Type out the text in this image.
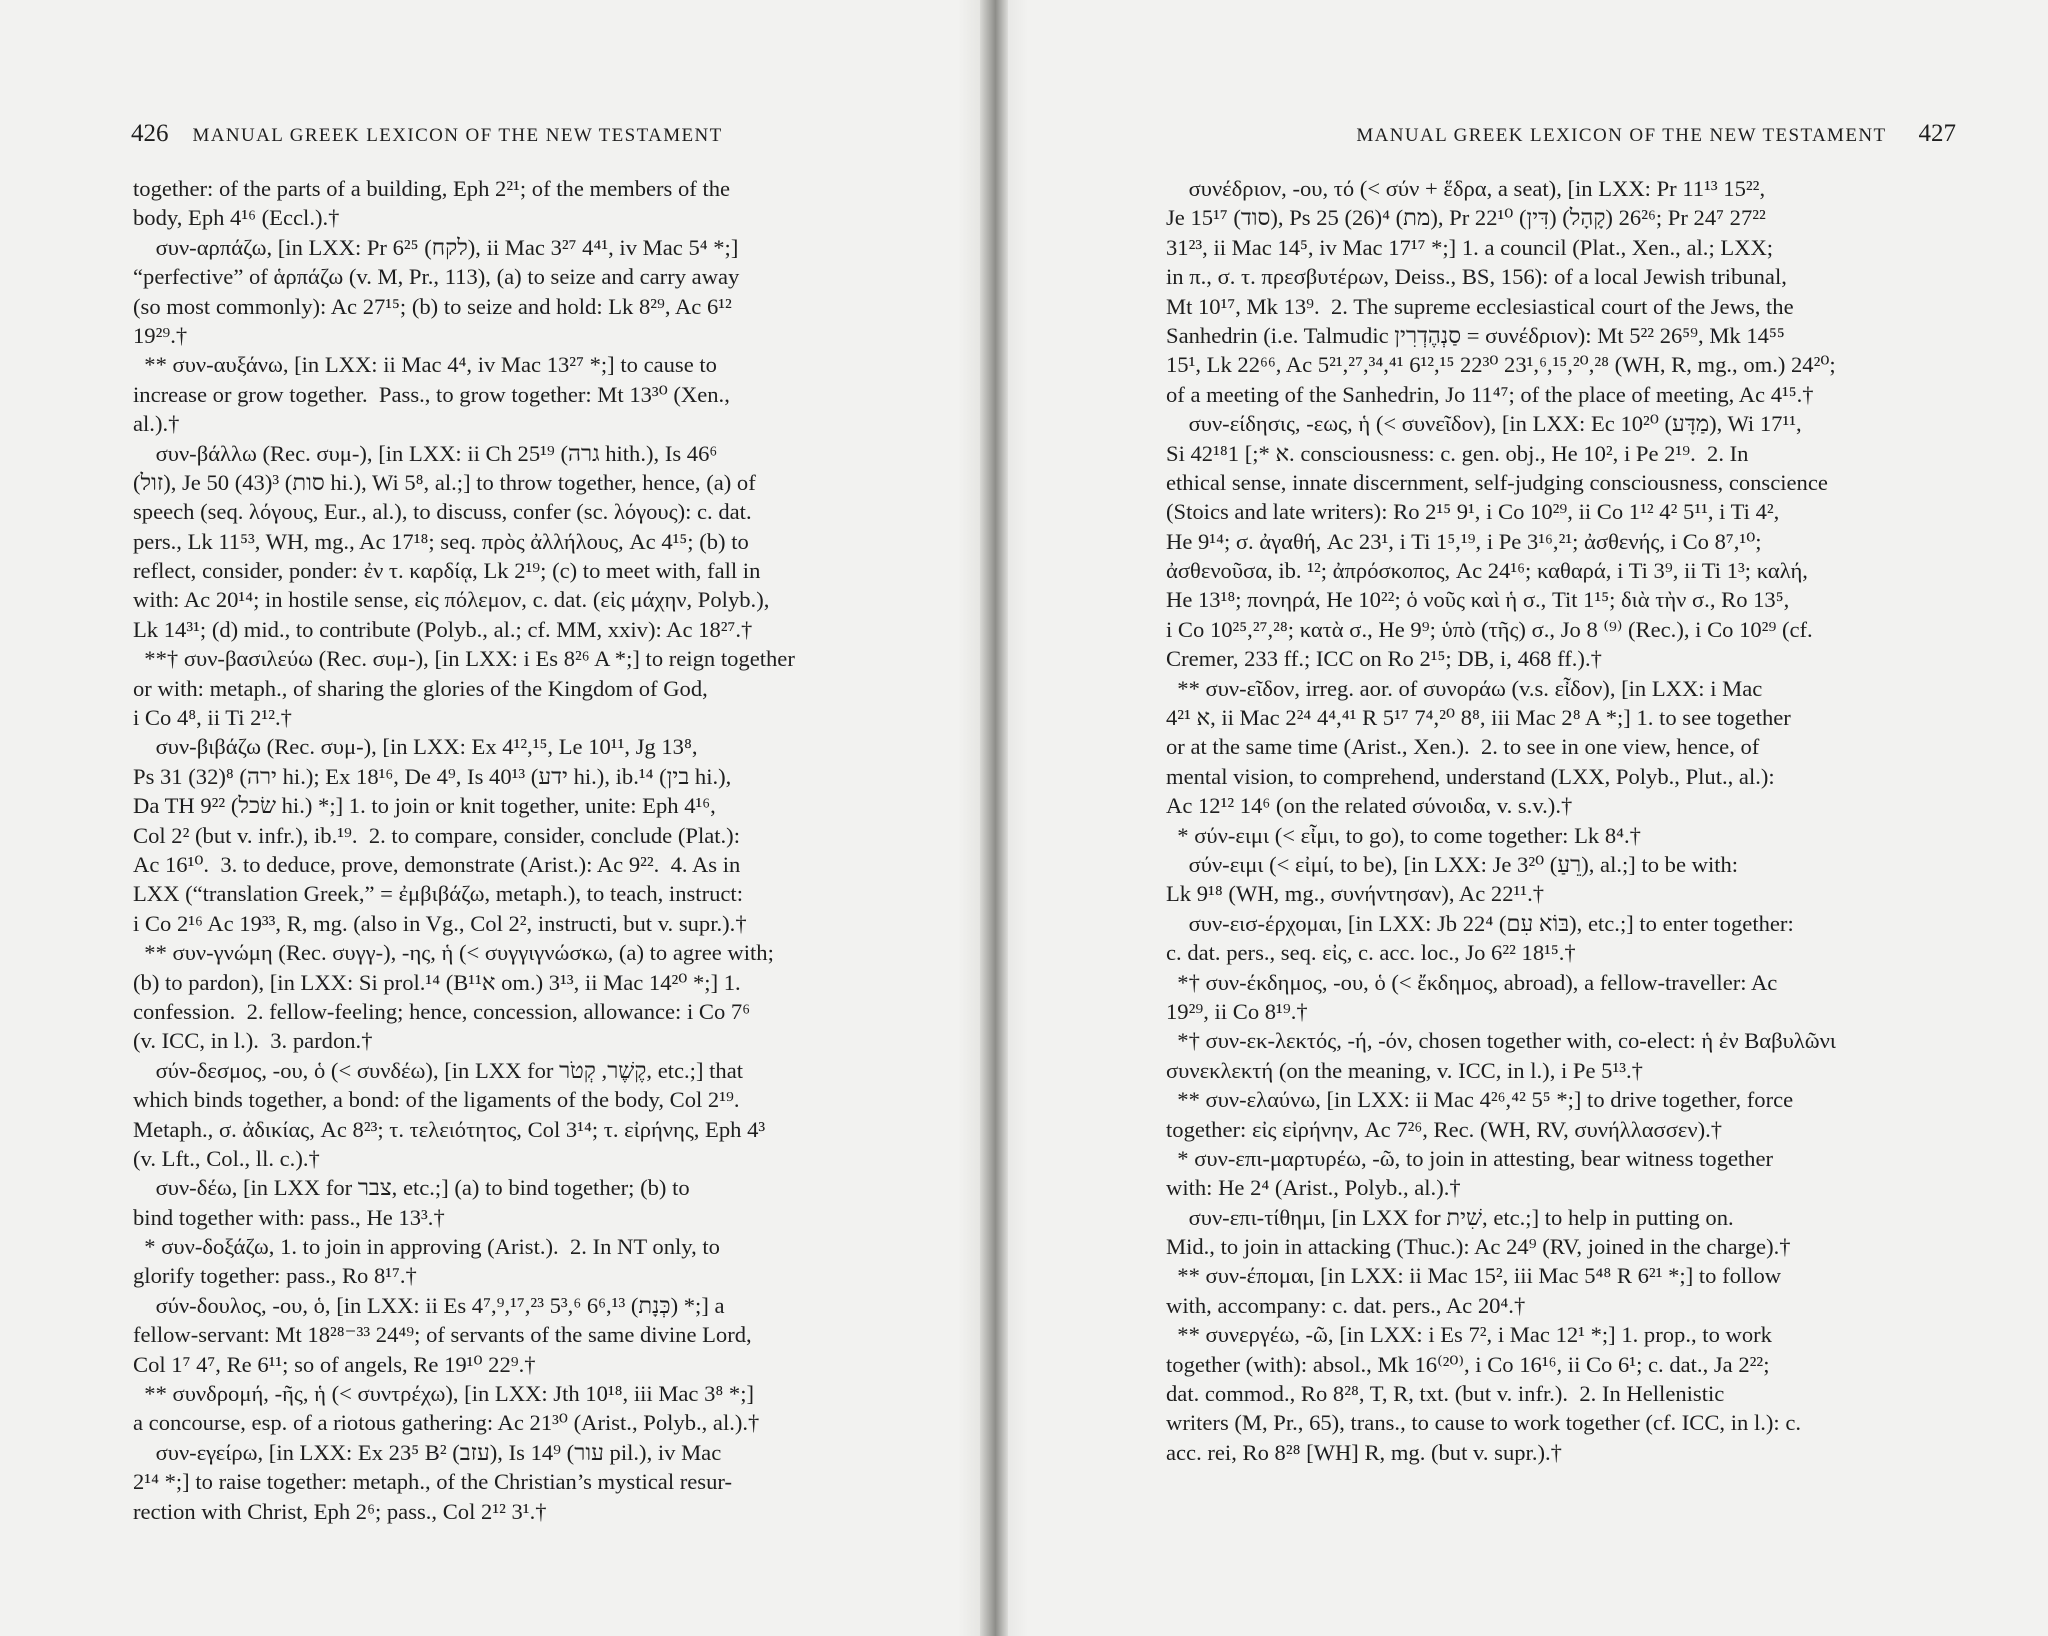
426 MANUAL GREEK LEXICON OF THE NEW TESTAMENT
together: of the parts of a building, Eph 2²¹; of the members of the
body, Eph 4¹⁶ (Eccl.).†
συν-αρπάζω, [in LXX: Pr 6²⁵ (לקח), ii Mac 3²⁷ 4⁴¹, iv Mac 5⁴ *;]
“perfective” of ἁρπάζω (v. M, Pr., 113), (a) to seize and carry away
(so most commonly): Ac 27¹⁵; (b) to seize and hold: Lk 8²⁹, Ac 6¹²
19²⁹.†
** συν-αυξάνω, [in LXX: ii Mac 4⁴, iv Mac 13²⁷ *;] to cause to
increase or grow together.  Pass., to grow together: Mt 13³⁰ (Xen.,
al.).†
συν-βάλλω (Rec. συμ-), [in LXX: ii Ch 25¹⁹ (גרה hith.), Is 46⁶
(זול), Je 50 (43)³ (סות hi.), Wi 5⁸, al.;] to throw together, hence, (a) of
speech (seq. λόγους, Eur., al.), to discuss, confer (sc. λόγους): c. dat.
pers., Lk 11⁵³, WH, mg., Ac 17¹⁸; seq. πρὸς ἀλλήλους, Ac 4¹⁵; (b) to
reflect, consider, ponder: ἐν τ. καρδίᾳ, Lk 2¹⁹; (c) to meet with, fall in
with: Ac 20¹⁴; in hostile sense, εἰς πόλεμον, c. dat. (εἰς μάχην, Polyb.),
Lk 14³¹; (d) mid., to contribute (Polyb., al.; cf. MM, xxiv): Ac 18²⁷.†
**† συν-βασιλεύω (Rec. συμ-), [in LXX: i Es 8²⁶ A *;] to reign together
or with: metaph., of sharing the glories of the Kingdom of God,
i Co 4⁸, ii Ti 2¹².†
συν-βιβάζω (Rec. συμ-), [in LXX: Ex 4¹²,¹⁵, Le 10¹¹, Jg 13⁸,
Ps 31 (32)⁸ (ירה hi.); Ex 18¹⁶, De 4⁹, Is 40¹³ (ידע hi.), ib.¹⁴ (בין hi.),
Da TH 9²² (שׂכל hi.) *;] 1. to join or knit together, unite: Eph 4¹⁶,
Col 2² (but v. infr.), ib.¹⁹.  2. to compare, consider, conclude (Plat.):
Ac 16¹⁰.  3. to deduce, prove, demonstrate (Arist.): Ac 9²².  4. As in
LXX (“translation Greek,” = ἐμβιβάζω, metaph.), to teach, instruct:
i Co 2¹⁶ Ac 19³³, R, mg. (also in Vg., Col 2², instructi, but v. supr.).†
** συν-γνώμη (Rec. συγγ-), -ης, ἡ (< συγγιγνώσκω, (a) to agree with;
(b) to pardon), [in LXX: Si prol.¹⁴ (B¹א¹ om.) 3¹³, ii Mac 14²⁰ *;] 1.
confession.  2. fellow-feeling; hence, concession, allowance: i Co 7⁶
(v. ICC, in l.).  3. pardon.†
σύν-δεσμος, -ου, ὁ (< συνδέω), [in LXX for קֶשֶׁר, קְטֹר, etc.;] that
which binds together, a bond: of the ligaments of the body, Col 2¹⁹.
Metaph., σ. ἀδικίας, Ac 8²³; τ. τελειότητος, Col 3¹⁴; τ. εἰρήνης, Eph 4³
(v. Lft., Col., ll. c.).†
συν-δέω, [in LXX for צבר, etc.;] (a) to bind together; (b) to
bind together with: pass., He 13³.†
* συν-δοξάζω, 1. to join in approving (Arist.).  2. In NT only, to
glorify together: pass., Ro 8¹⁷.†
σύν-δουλος, -ου, ὁ, [in LXX: ii Es 4⁷,⁹,¹⁷,²³ 5³,⁶ 6⁶,¹³ (כְּנָת) *;] a
fellow-servant: Mt 18²⁸⁻³³ 24⁴⁹; of servants of the same divine Lord,
Col 1⁷ 4⁷, Re 6¹¹; so of angels, Re 19¹⁰ 22⁹.†
** συνδρομή, -ῆς, ἡ (< συντρέχω), [in LXX: Jth 10¹⁸, iii Mac 3⁸ *;]
a concourse, esp. of a riotous gathering: Ac 21³⁰ (Arist., Polyb., al.).†
συν-εγείρω, [in LXX: Ex 23⁵ B² (עזב), Is 14⁹ (עור pil.), iv Mac
2¹⁴ *;] to raise together: metaph., of the Christian’s mystical resur-
rection with Christ, Eph 2⁶; pass., Col 2¹² 3¹.†
MANUAL GREEK LEXICON OF THE NEW TESTAMENT 427
συνέδριον, -ου, τό (< σύν + ἕδρα, a seat), [in LXX: Pr 11¹³ 15²²,
Je 15¹⁷ (סוד), Ps 25 (26)⁴ (מת), Pr 22¹⁰ (דִּין) 26²⁶ (קָהָל); Pr 24⁷ 27²²
31²³, ii Mac 14⁵, iv Mac 17¹⁷ *;] 1. a council (Plat., Xen., al.; LXX;
in π., σ. τ. πρεσβυτέρων, Deiss., BS, 156): of a local Jewish tribunal,
Mt 10¹⁷, Mk 13⁹.  2. The supreme ecclesiastical court of the Jews, the
Sanhedrin (i.e. Talmudic סַנְהֶדְרִין = συνέδριον): Mt 5²² 26⁵⁹, Mk 14⁵⁵
15¹, Lk 22⁶⁶, Ac 5²¹,²⁷,³⁴,⁴¹ 6¹²,¹⁵ 22³⁰ 23¹,⁶,¹⁵,²⁰,²⁸ (WH, R, mg., om.) 24²⁰;
of a meeting of the Sanhedrin, Jo 11⁴⁷; of the place of meeting, Ac 4¹⁵.†
συν-είδησις, -εως, ἡ (< συνεῖδον), [in LXX: Ec 10²⁰ (מַדָּע), Wi 17¹¹,
Si 42¹⁸א *;] 1. consciousness: c. gen. obj., He 10², i Pe 2¹⁹.  2. In
ethical sense, innate discernment, self-judging consciousness, conscience
(Stoics and late writers): Ro 2¹⁵ 9¹, i Co 10²⁹, ii Co 1¹² 4² 5¹¹, i Ti 4²,
He 9¹⁴; σ. ἀγαθή, Ac 23¹, i Ti 1⁵,¹⁹, i Pe 3¹⁶,²¹; ἀσθενής, i Co 8⁷,¹⁰;
ἀσθενοῦσα, ib. ¹²; ἀπρόσκοπος, Ac 24¹⁶; καθαρά, i Ti 3⁹, ii Ti 1³; καλή,
He 13¹⁸; πονηρά, He 10²²; ὁ νοῦς καὶ ἡ σ., Tit 1¹⁵; διὰ τὴν σ., Ro 13⁵,
i Co 10²⁵,²⁷,²⁸; κατὰ σ., He 9⁹; ὑπὸ (τῆς) σ., Jo 8 ⁽⁹⁾ (Rec.), i Co 10²⁹ (cf.
Cremer, 233 ff.; ICC on Ro 2¹⁵; DB, i, 468 ff.).†
** συν-εῖδον, irreg. aor. of συνοράω (v.s. εἶδον), [in LXX: i Mac
4²¹ א, ii Mac 2²⁴ 4⁴,⁴¹ R 5¹⁷ 7⁴,²⁰ 8⁸, iii Mac 2⁸ A *;] 1. to see together
or at the same time (Arist., Xen.).  2. to see in one view, hence, of
mental vision, to comprehend, understand (LXX, Polyb., Plut., al.):
Ac 12¹² 14⁶ (on the related σύνοιδα, v. s.v.).†
* σύν-ειμι (< εἶμι, to go), to come together: Lk 8⁴.†
σύν-ειμι (< εἰμί, to be), [in LXX: Je 3²⁰ (רֵעַ), al.;] to be with:
Lk 9¹⁸ (WH, mg., συνήντησαν), Ac 22¹¹.†
συν-εισ-έρχομαι, [in LXX: Jb 22⁴ (בּוֹא עִם), etc.;] to enter together:
c. dat. pers., seq. εἰς, c. acc. loc., Jo 6²² 18¹⁵.†
*† συν-έκδημος, -ου, ὁ (< ἔκδημος, abroad), a fellow-traveller: Ac
19²⁹, ii Co 8¹⁹.†
*† συν-εκ-λεκτός, -ή, -όν, chosen together with, co-elect: ἡ ἐν Βαβυλῶνι
συνεκλεκτή (on the meaning, v. ICC, in l.), i Pe 5¹³.†
** συν-ελαύνω, [in LXX: ii Mac 4²⁶,⁴² 5⁵ *;] to drive together, force
together: εἰς εἰρήνην, Ac 7²⁶, Rec. (WH, RV, συνήλλασσεν).†
* συν-επι-μαρτυρέω, -ῶ, to join in attesting, bear witness together
with: He 2⁴ (Arist., Polyb., al.).†
συν-επι-τίθημι, [in LXX for שִׁית, etc.;] to help in putting on.
Mid., to join in attacking (Thuc.): Ac 24⁹ (RV, joined in the charge).†
** συν-έπομαι, [in LXX: ii Mac 15², iii Mac 5⁴⁸ R 6²¹ *;] to follow
with, accompany: c. dat. pers., Ac 20⁴.†
** συνεργέω, -ῶ, [in LXX: i Es 7², i Mac 12¹ *;] 1. prop., to work
together (with): absol., Mk 16⁽²⁰⁾, i Co 16¹⁶, ii Co 6¹; c. dat., Ja 2²²;
dat. commod., Ro 8²⁸, T, R, txt. (but v. infr.).  2. In Hellenistic
writers (M, Pr., 65), trans., to cause to work together (cf. ICC, in l.): c.
acc. rei, Ro 8²⁸ [WH] R, mg. (but v. supr.).†
